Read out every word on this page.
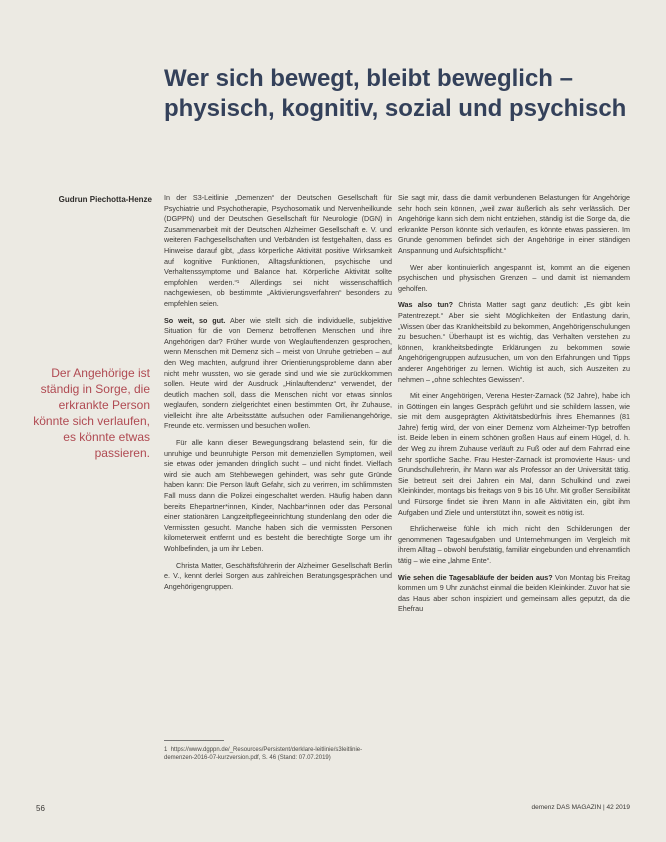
Wer sich bewegt, bleibt beweglich – physisch, kognitiv, sozial und psychisch
Gudrun Piechotta-Henze
Der Angehörige ist ständig in Sorge, die erkrankte Person könnte sich verlaufen, es könnte etwas passieren.

In der S3-Leitlinie „Demenzen“ der Deutschen Gesellschaft für Psychiatrie und Psychotherapie, Psychosomatik und Nervenheilkunde (DGPPN) und der Deutschen Gesellschaft für Neurologie (DGN) in Zusammenarbeit mit der Deutschen Alzheimer Gesellschaft e. V. und weiteren Fachgesellschaften und Verbänden ist festgehalten, dass es Hinweise darauf gibt, „dass körperliche Aktivität positive Wirksamkeit auf kognitive Funktionen, Alltagsfunktionen, psychische und Verhaltenssymptome und Balance hat. Körperliche Aktivität sollte empfohlen werden.“¹ Allerdings sei nicht wissenschaftlich nachgewiesen, ob bestimmte „Aktivierungsverfahren“ besonders zu empfehlen seien.

So weit, so gut. Aber wie stellt sich die individuelle, subjektive Situation für die von Demenz betroffenen Menschen und ihre Angehörigen dar? Früher wurde von Weglauftendenzen gesprochen, wenn Menschen mit Demenz sich – meist von Unruhe getrieben – auf den Weg machten, aufgrund ihrer Orientierungsprobleme dann aber nicht mehr wussten, wo sie gerade sind und wie sie zurückkommen sollen. Heute wird der Ausdruck „Hinlauftendenz“ verwendet, der deutlich machen soll, dass die Menschen nicht vor etwas sinnlos weglaufen, sondern zielgerichtet einen bestimmten Ort, ihr Zuhause, vielleicht ihre alte Arbeitsstätte aufsuchen oder Familienangehörige, Freunde etc. vermissen und besuchen wollen.

Für alle kann dieser Bewegungsdrang belastend sein, für die unruhige und beunruhigte Person mit demenziellen Symptomen, weil sie etwas oder jemanden dringlich sucht – und nicht findet. Vielfach wird sie auch am Stehbewegen gehindert, was sehr gute Gründe haben kann: Die Person läuft Gefahr, sich zu verirren, im schlimmsten Fall muss dann die Polizei eingeschaltet werden. Häufig haben dann bereits Ehepartner*innen, Kinder, Nachbar*innen oder das Personal einer stationären Langzeitpflegeeinrichtung stundenlang den oder die Vermissten gesucht. Manche haben sich die vermissten Personen kilometerweit entfernt und es besteht die berechtigte Sorge um ihr Wohlbefinden, ja um ihr Leben.

Christa Matter, Geschäftsführerin der Alzheimer Gesellschaft Berlin e. V., kennt derlei Sorgen aus zahlreichen Beratungsgesprächen und Angehörigengruppen.

Sie sagt mir, dass die damit verbundenen Belastungen für Angehörige sehr hoch sein können, „weil zwar äußerlich als sehr verlässlich. Der Angehörige kann sich dem nicht entziehen, ständig ist die Sorge da, die erkrankte Person könnte sich verlaufen, es könnte etwas passieren. Im Grunde genommen befindet sich der Angehörige in einer ständigen Anspannung und Aufsichtspflicht.“

Wer aber kontinuierlich angespannt ist, kommt an die eigenen psychischen und physischen Grenzen – und damit ist niemandem geholfen.

Was also tun? Christa Matter sagt ganz deutlich: „Es gibt kein Patentrezept.“ Aber sie sieht Möglichkeiten der Entlastung darin, „Wissen über das Krankheitsbild zu bekommen, Angehörigenschulungen zu besuchen.“ Überhaupt ist es wichtig, das Verhalten verstehen zu können, krankheitsbedingte Erklärungen zu bekommen sowie Angehörigengruppen aufzusuchen, um von den Erfahrungen und Tipps anderer Angehöriger zu lernen. Wichtig ist auch, sich Auszeiten zu nehmen – „ohne schlechtes Gewissen“.

Mit einer Angehörigen, Verena Hester-Zarnack (52 Jahre), habe ich in Göttingen ein langes Gespräch geführt und sie schildern lassen, wie sie mit dem ausgeprägten Aktivitätsbedürfnis ihres Ehemannes (81 Jahre) fertig wird, der von einer Demenz vom Alzheimer-Typ betroffen ist. Beide leben in einem schönen großen Haus auf einem Hügel, d. h. der Weg zu ihrem Zuhause verläuft zu Fuß oder auf dem Fahrrad eine sehr sportliche Sache. Frau Hester-Zarnack ist promovierte Haus- und Grundschullehrerin, ihr Mann war als Professor an der Universität tätig. Sie betreut seit drei Jahren ein Mal, dann Schulkind und zwei Kleinkinder, montags bis freitags von 9 bis 16 Uhr. Mit großer Sensibilität und Fürsorge findet sie ihren Mann in alle Aktivitäten ein, gibt ihm Aufgaben und Ziele und unterstützt ihn, soweit es nötig ist.

Ehrlicherweise fühle ich mich nicht den Schilderungen der genommenen Tagesaufgaben und Unternehmungen im Vergleich mit ihrem Alltag – obwohl berufstätig, familiär eingebunden und ehrenamtlich tätig – wie eine „lahme Ente“.

Wie sehen die Tagesabläufe der beiden aus? Von Montag bis Freitag kommen um 9 Uhr zunächst einmal die beiden Kleinkinder. Zuvor hat sie das Haus aber schon inspiziert und gemeinsam alles geputzt, da die Ehefrau

1 https://www.dgppn.de/_Resources/Persistent/derklare-leitlinie/s3leitlinie-demenzen-2016-07-kurzversion.pdf, S. 46 (Stand: 07.07.2019)
56	demenz DAS MAGAZIN | 42 2019
